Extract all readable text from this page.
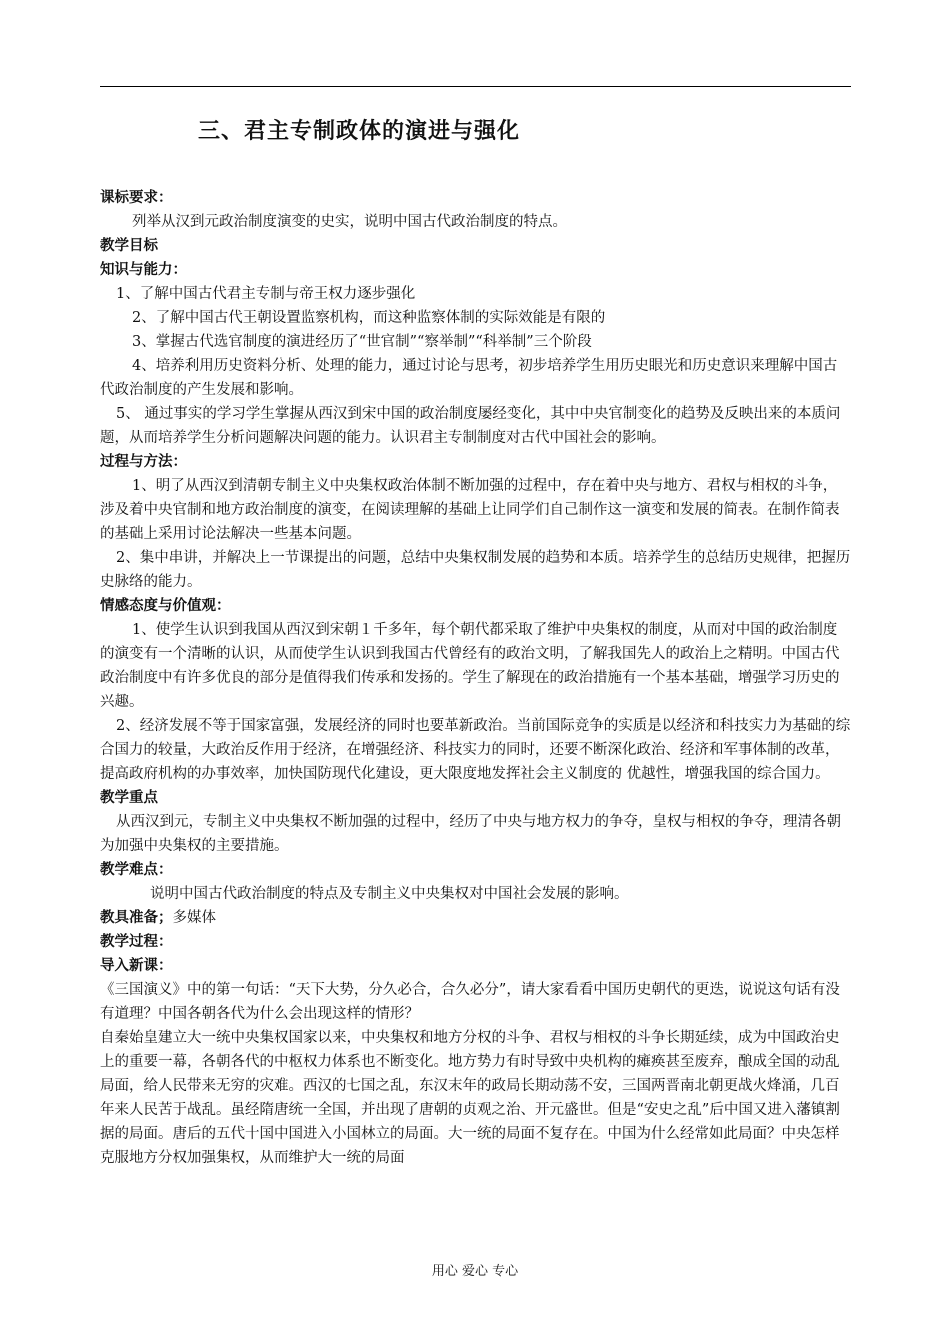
三、君主专制政体的演进与强化

课标要求：

列举从汉到元政治制度演变的史实，说明中国古代政治制度的特点。

教学目标

知识与能力：

1、了解中国古代君主专制与帝王权力逐步强化

2、了解中国古代王朝设置监察机构，而这种监察体制的实际效能是有限的

3、掌握古代选官制度的演进经历了“世官制”“察举制”“科举制”三个阶段

4、培养利用历史资料分析、处理的能力，通过讨论与思考，初步培养学生用历史眼光和历史意识来理解中国古代政治制度的产生发展和影响。

5、 通过事实的学习学生掌握从西汉到宋中国的政治制度屡经变化，其中中央官制变化的趋势及反映出来的本质问题，从而培养学生分析问题解决问题的能力。认识君主专制制度对古代中国社会的影响。

过程与方法：

1、明了从西汉到清朝专制主义中央集权政治体制不断加强的过程中，存在着中央与地方、君权与相权的斗争，涉及着中央官制和地方政治制度的演变，在阅读理解的基础上让同学们自己制作这一演变和发展的简表。在制作简表的基础上采用讨论法解决一些基本问题。

2、集中串讲，并解决上一节课提出的问题，总结中央集权制发展的趋势和本质。培养学生的总结历史规律，把握历史脉络的能力。

情感态度与价值观：

1、使学生认识到我国从西汉到宋朝１千多年，每个朝代都采取了维护中央集权的制度，从而对中国的政治制度的演变有一个清晰的认识，从而使学生认识到我国古代曾经有的政治文明，了解我国先人的政治上之精明。中国古代政治制度中有许多优良的部分是值得我们传承和发扬的。学生了解现在的政治措施有一个基本基础，增强学习历史的兴趣。

2、经济发展不等于国家富强，发展经济的同时也要革新政治。当前国际竞争的实质是以经济和科技实力为基础的综合国力的较量，大政治反作用于经济，在增强经济、科技实力的同时，还要不断深化政治、经济和军事体制的改革，提高政府机构的办事效率，加快国防现代化建设，更大限度地发挥社会主义制度的 优越性，增强我国的综合国力。

教学重点

从西汉到元，专制主义中央集权不断加强的过程中，经历了中央与地方权力的争夺，皇权与相权的争夺，理清各朝为加强中央集权的主要措施。

教学难点：

说明中国古代政治制度的特点及专制主义中央集权对中国社会发展的影响。

教具准备；多媒体

教学过程：

导入新课：

《三国演义》中的第一句话：“天下大势，分久必合，合久必分”，请大家看看中国历史朝代的更迭，说说这句话有没有道理？中国各朝各代为什么会出现这样的情形？

自秦始皇建立大一统中央集权国家以来，中央集权和地方分权的斗争、君权与相权的斗争长期延续，成为中国政治史上的重要一幕，各朝各代的中枢权力体系也不断变化。地方势力有时导致中央机构的瘫痪甚至废弃，酿成全国的动乱局面，给人民带来无穷的灾难。西汉的七国之乱，东汉末年的政局长期动荡不安，三国两晋南北朝更战火烽涌，几百年来人民苦于战乱。虽经隋唐统一全国，并出现了唐朝的贞观之治、开元盛世。但是“安史之乱”后中国又进入藩镇割据的局面。唐后的五代十国中国进入小国林立的局面。大一统的局面不复存在。中国为什么经常如此局面？中央怎样克服地方分权加强集权，从而维护大一统的局面

用心 爱心 专心
